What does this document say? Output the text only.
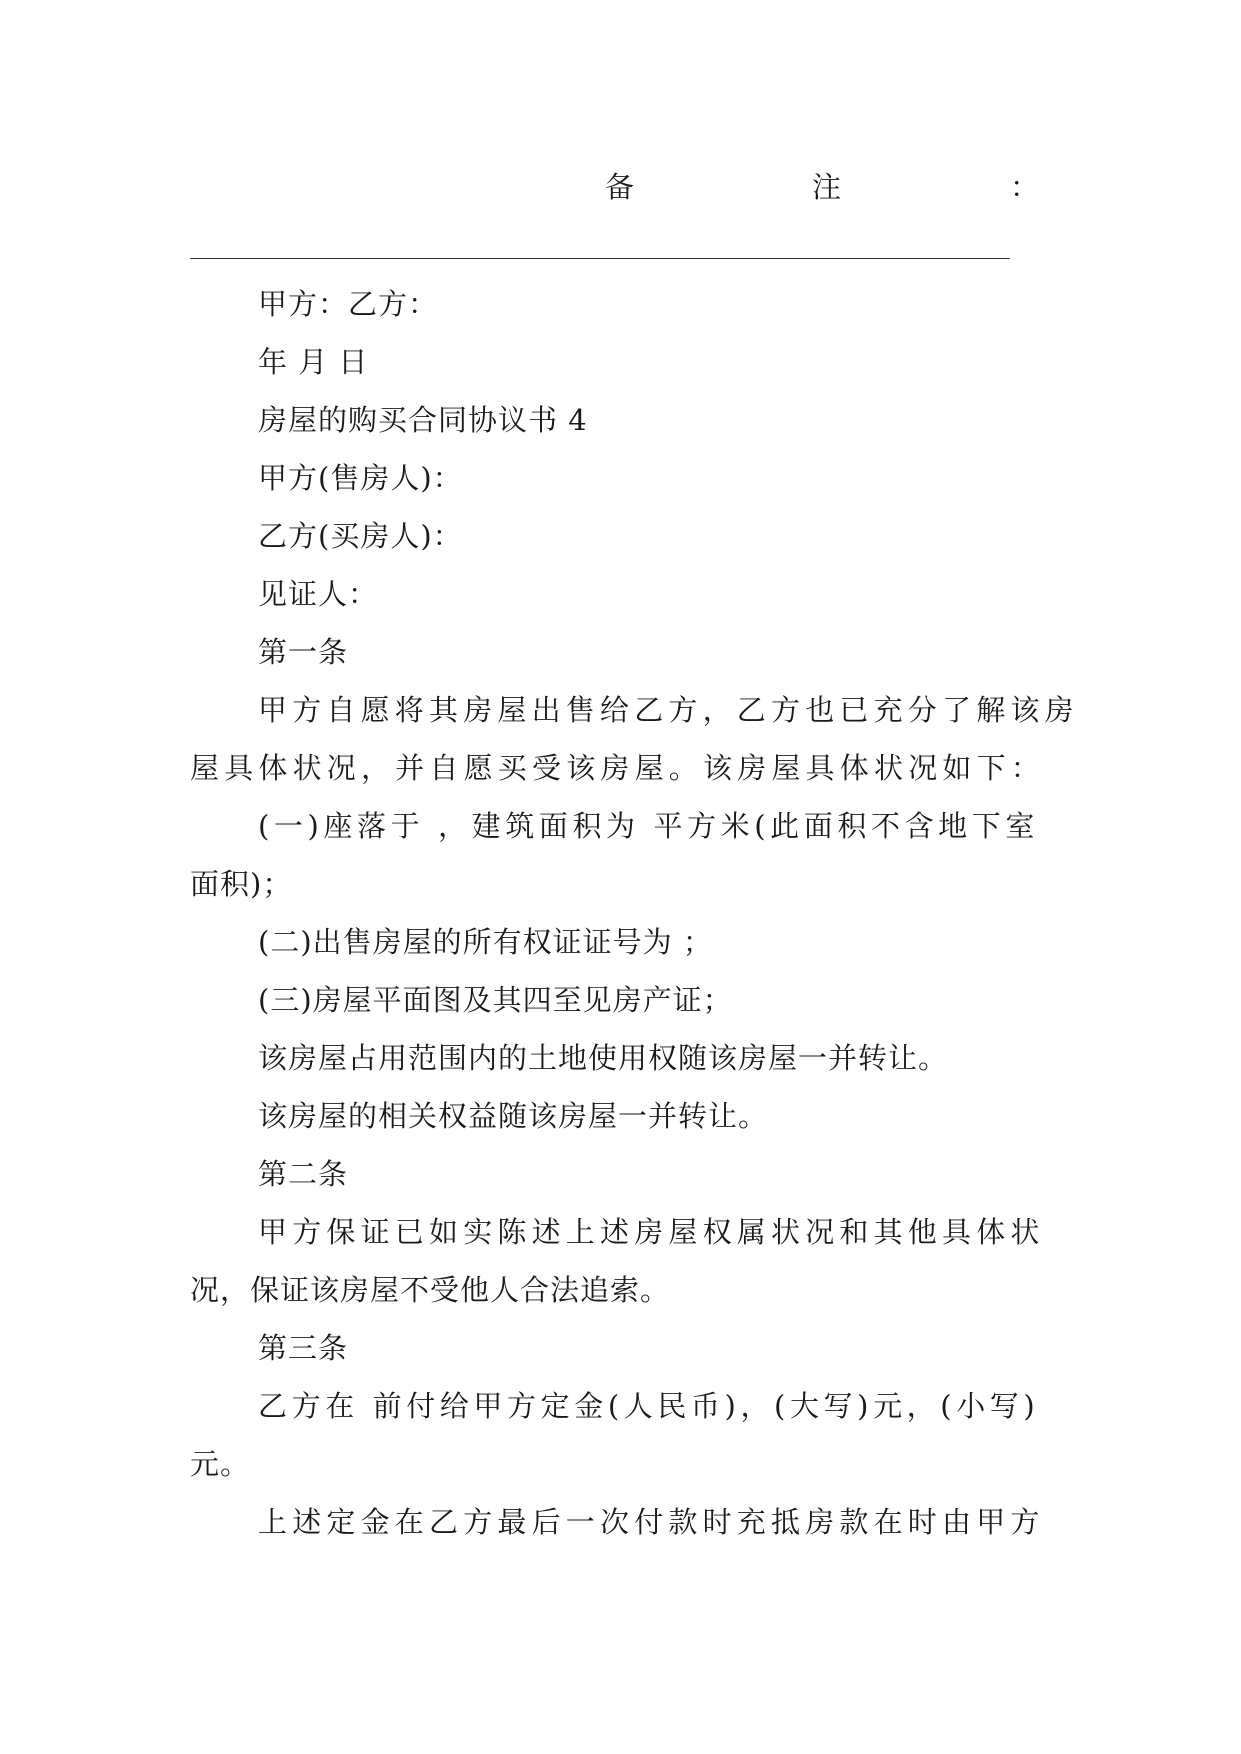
备	注	：
甲方：乙方：
年 月 日
房屋的购买合同协议书 4
甲方(售房人)：
乙方(买房人)：
见证人：
第一条
甲方自愿将其房屋出售给乙方，乙方也已充分了解该房
屋具体状况，并自愿买受该房屋。该房屋具体状况如下：
(一)座落于 ，建筑面积为 平方米(此面积不含地下室
面积)；
(二)出售房屋的所有权证证号为 ；
(三)房屋平面图及其四至见房产证；
该房屋占用范围内的土地使用权随该房屋一并转让。
该房屋的相关权益随该房屋一并转让。
第二条
甲方保证已如实陈述上述房屋权属状况和其他具体状
况，保证该房屋不受他人合法追索。
第三条
乙方在 前付给甲方定金(人民币)，(大写)元，(小写)
元。
上述定金在乙方最后一次付款时充抵房款在时由甲方
